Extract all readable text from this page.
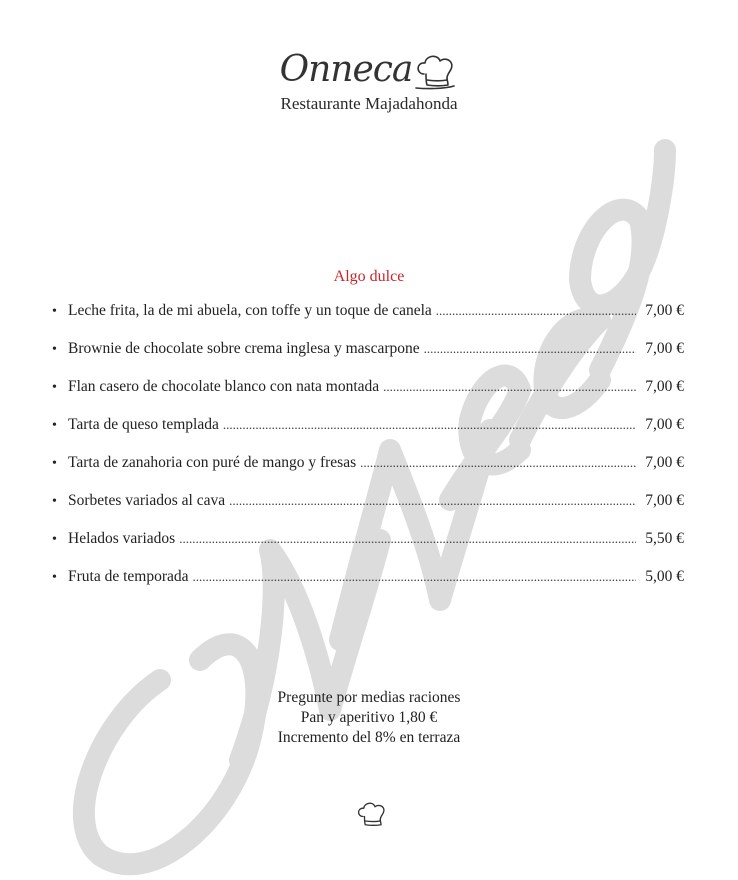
Onneca
Restaurante Majadahonda
Algo dulce
• Leche frita, la de mi abuela, con toffe y un toque de canela .....	7,00 €
• Brownie de chocolate sobre crema inglesa y mascarpone .....	7,00 €
• Flan casero de chocolate blanco con nata montada .....	7,00 €
• Tarta de queso templada .....	7,00 €
• Tarta de zanahoria con puré de mango y fresas .....	7,00 €
• Sorbetes variados al cava .....	7,00 €
• Helados variados .....	5,50 €
• Fruta de temporada .....	5,00 €
Pregunte por medias raciones
Pan y aperitivo 1,80 €
Incremento del 8% en terraza
